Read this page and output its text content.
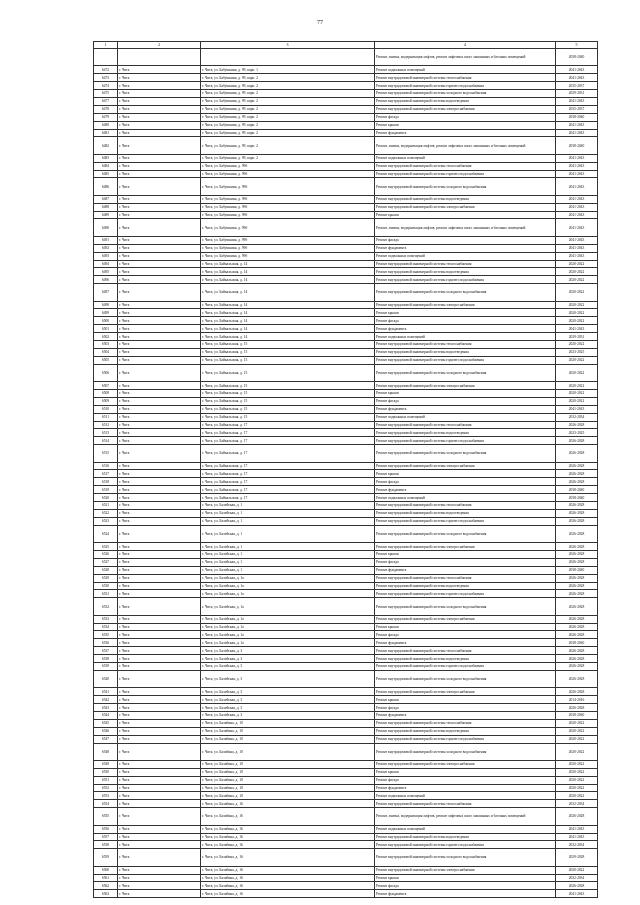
77
1	2	3	4	5
			Ремонт, замена, модернизация лифтов, ремонт лифтовых шахт, машинных и блочных помещений	2038-2040
6472	г. Чита	г. Чита, ул. Бабушкина, д. 99, корп. 1	Ремонт подвальных помещений	2041-2043
6473	г. Чита	г. Чита, ул. Бабушкина, д. 99, корп. 2	Ремонт внутридомовой инженерной системы теплоснабжения	2041-2043
6474	г. Чита	г. Чита, ул. Бабушкина, д. 99, корп. 2	Ремонт внутридомовой инженерной системы горячего водоснабжения	2035-2037
6475	г. Чита	г. Чита, ул. Бабушкина, д. 99, корп. 2	Ремонт внутридомовой инженерной системы холодного водоснабжения	2029-2031
6477	г. Чита	г. Чита, ул. Бабушкина, д. 99, корп. 2	Ремонт внутридомовой инженерной системы водоотведения	2041-2043
6478	г. Чита	г. Чита, ул. Бабушкина, д. 99, корп. 2	Ремонт внутридомовой инженерной системы электроснабжения	2035-2037
6479	г. Чита	г. Чита, ул. Бабушкина, д. 99, корп. 2	Ремонт фасада	2038-2040
6480	г. Чита	г. Чита, ул. Бабушкина, д. 99, корп. 2	Ремонт крыши	2041-2043
6481	г. Чита	г. Чита, ул. Бабушкина, д. 99, корп. 2	Ремонт фундамента	2041-2043
6482	г. Чита	г. Чита, ул. Бабушкина, д. 99, корп. 2	Ремонт, замена, модернизация лифтов, ремонт лифтовых шахт, машинных и блочных помещений	2038-2040
6483	г. Чита	г. Чита, ул. Бабушкина, д. 99, корп. 2	Ремонт подвальных помещений	2041-2043
6484	г. Чита	г. Чита, ул. Бабушкина, д. 99б	Ремонт внутридомовой инженерной системы теплоснабжения	2041-2043
6485	г. Чита	г. Чита, ул. Бабушкина, д. 99б	Ремонт внутридомовой инженерной системы горячего водоснабжения	2041-2043
6486	г. Чита	г. Чита, ул. Бабушкина, д. 99б	Ремонт внутридомовой инженерной системы холодного водоснабжения	2041-2043
6487	г. Чита	г. Чита, ул. Бабушкина, д. 99б	Ремонт внутридомовой инженерной системы водоотведения	2041-2043
6488	г. Чита	г. Чита, ул. Бабушкина, д. 99б	Ремонт внутридомовой инженерной системы электроснабжения	2041-2043
6489	г. Чита	г. Чита, ул. Бабушкина, д. 99б	Ремонт крыши	2041-2043
6490	г. Чита	г. Чита, ул. Бабушкина, д. 99б	Ремонт, замена, модернизация лифтов, ремонт лифтовых шахт, машинных и блочных помещений	2041-2043
6491	г. Чита	г. Чита, ул. Бабушкина, д. 99б	Ремонт фасада	2041-2043
6492	г. Чита	г. Чита, ул. Бабушкина, д. 99б	Ремонт фундамента	2041-2043
6493	г. Чита	г. Чита, ул. Бабушкина, д. 99б	Ремонт подвальных помещений	2041-2043
6494	г. Чита	г. Чита, ул. Байкальская, д. 14	Ремонт внутридомовой инженерной системы теплоснабжения	2020-2022
6495	г. Чита	г. Чита, ул. Байкальская, д. 14	Ремонт внутридомовой инженерной системы водоотведения	2020-2022
6496	г. Чита	г. Чита, ул. Байкальская, д. 14	Ремонт внутридомовой инженерной системы горячего водоснабжения	2020-2022
6497	г. Чита	г. Чита, ул. Байкальская, д. 14	Ремонт внутридомовой инженерной системы холодного водоснабжения	2020-2022
6498	г. Чита	г. Чита, ул. Байкальская, д. 14	Ремонт внутридомовой инженерной системы электроснабжения	2020-2022
6499	г. Чита	г. Чита, ул. Байкальская, д. 14	Ремонт крыши	2020-2022
6500	г. Чита	г. Чита, ул. Байкальская, д. 14	Ремонт фасада	2020-2022
6501	г. Чита	г. Чита, ул. Байкальская, д. 14	Ремонт фундамента	2041-2043
6502	г. Чита	г. Чита, ул. Байкальская, д. 14	Ремонт подвальных помещений	2029-2031
6503	г. Чита	г. Чита, ул. Байкальская, д. 15	Ремонт внутридомовой инженерной системы теплоснабжения	2020-2022
6504	г. Чита	г. Чита, ул. Байкальская, д. 15	Ремонт внутридомовой инженерной системы водоотведения	2023-2025
6505	г. Чита	г. Чита, ул. Байкальская, д. 15	Ремонт внутридомовой инженерной системы горячего водоснабжения	2020-2022
6506	г. Чита	г. Чита, ул. Байкальская, д. 15	Ремонт внутридомовой инженерной системы холодного водоснабжения	2020-2022
6507	г. Чита	г. Чита, ул. Байкальская, д. 15	Ремонт внутридомовой инженерной системы электроснабжения	2020-2022
6508	г. Чита	г. Чита, ул. Байкальская, д. 15	Ремонт крыши	2020-2022
6509	г. Чита	г. Чита, ул. Байкальская, д. 15	Ремонт фасада	2020-2022
6510	г. Чита	г. Чита, ул. Байкальская, д. 15	Ремонт фундамента	2041-2043
6511	г. Чита	г. Чита, ул. Байкальская, д. 15	Ремонт подвальных помещений	2032-2034
6512	г. Чита	г. Чита, ул. Байкальская, д. 17	Ремонт внутридомовой инженерной системы теплоснабжения	2026-2028
6513	г. Чита	г. Чита, ул. Байкальская, д. 17	Ремонт внутридомовой инженерной системы водоотведения	2023-2025
6514	г. Чита	г. Чита, ул. Байкальская, д. 17	Ремонт внутридомовой инженерной системы горячего водоснабжения	2026-2028
6515	г. Чита	г. Чита, ул. Байкальская, д. 17	Ремонт внутридомовой инженерной системы холодного водоснабжения	2026-2028
6516	г. Чита	г. Чита, ул. Байкальская, д. 17	Ремонт внутридомовой инженерной системы электроснабжения	2026-2028
6517	г. Чита	г. Чита, ул. Байкальская, д. 17	Ремонт крыши	2026-2028
6518	г. Чита	г. Чита, ул. Байкальская, д. 17	Ремонт фасада	2026-2028
6519	г. Чита	г. Чита, ул. Байкальская, д. 17	Ремонт фундамента	2038-2040
6520	г. Чита	г. Чита, ул. Байкальская, д. 17	Ремонт подвальных помещений	2038-2040
6521	г. Чита	г. Чита, ул. Балейская, д. 1	Ремонт внутридомовой инженерной системы теплоснабжения	2026-2028
6522	г. Чита	г. Чита, ул. Балейская, д. 1	Ремонт внутридомовой инженерной системы водоотведения	2026-2028
6523	г. Чита	г. Чита, ул. Балейская, д. 1	Ремонт внутридомовой инженерной системы горячего водоснабжения	2026-2028
6524	г. Чита	г. Чита, ул. Балейская, д. 1	Ремонт внутридомовой инженерной системы холодного водоснабжения	2026-2028
6525	г. Чита	г. Чита, ул. Балейская, д. 1	Ремонт внутридомовой инженерной системы электроснабжения	2026-2028
6526	г. Чита	г. Чита, ул. Балейская, д. 1	Ремонт крыши	2026-2028
6527	г. Чита	г. Чита, ул. Балейская, д. 1	Ремонт фасада	2026-2028
6528	г. Чита	г. Чита, ул. Балейская, д. 1	Ремонт фундамента	2038-2040
6529	г. Чита	г. Чита, ул. Балейская, д. 1а	Ремонт внутридомовой инженерной системы теплоснабжения	2026-2028
6530	г. Чита	г. Чита, ул. Балейская, д. 1а	Ремонт внутридомовой инженерной системы водоотведения	2026-2028
6531	г. Чита	г. Чита, ул. Балейская, д. 1а	Ремонт внутридомовой инженерной системы горячего водоснабжения	2026-2028
6532	г. Чита	г. Чита, ул. Балейская, д. 1а	Ремонт внутридомовой инженерной системы холодного водоснабжения	2026-2028
6533	г. Чита	г. Чита, ул. Балейская, д. 1а	Ремонт внутридомовой инженерной системы электроснабжения	2026-2028
6534	г. Чита	г. Чита, ул. Балейская, д. 1а	Ремонт крыши	2026-2028
6535	г. Чита	г. Чита, ул. Балейская, д. 1а	Ремонт фасада	2026-2028
6536	г. Чита	г. Чита, ул. Балейская, д. 1а	Ремонт фундамента	2038-2040
6537	г. Чита	г. Чита, ул. Балейская, д. 3	Ремонт внутридомовой инженерной системы теплоснабжения	2026-2028
6538	г. Чита	г. Чита, ул. Балейская, д. 3	Ремонт внутридомовой инженерной системы водоотведения	2026-2028
6539	г. Чита	г. Чита, ул. Балейская, д. 3	Ремонт внутридомовой инженерной системы горячего водоснабжения	2026-2028
6540	г. Чита	г. Чита, ул. Балейская, д. 3	Ремонт внутридомовой инженерной системы холодного водоснабжения	2026-2028
6541	г. Чита	г. Чита, ул. Балейская, д. 3	Ремонт внутридомовой инженерной системы электроснабжения	2026-2028
6542	г. Чита	г. Чита, ул. Балейская, д. 3	Ремонт крыши	2014-2016
6543	г. Чита	г. Чита, ул. Балейская, д. 3	Ремонт фасада	2026-2028
6544	г. Чита	г. Чита, ул. Балейская, д. 3	Ремонт фундамента	2038-2040
6545	г. Чита	г. Чита, ул. Балябина, д. 10	Ремонт внутридомовой инженерной системы теплоснабжения	2020-2022
6546	г. Чита	г. Чита, ул. Балябина, д. 10	Ремонт внутридомовой инженерной системы водоотведения	2020-2022
6547	г. Чита	г. Чита, ул. Балябина, д. 10	Ремонт внутридомовой инженерной системы горячего водоснабжения	2020-2022
6548	г. Чита	г. Чита, ул. Балябина, д. 10	Ремонт внутридомовой инженерной системы холодного водоснабжения	2020-2022
6549	г. Чита	г. Чита, ул. Балябина, д. 10	Ремонт внутридомовой инженерной системы электроснабжения	2020-2022
6550	г. Чита	г. Чита, ул. Балябина, д. 10	Ремонт крыши	2020-2022
6551	г. Чита	г. Чита, ул. Балябина, д. 10	Ремонт фасада	2020-2022
6552	г. Чита	г. Чита, ул. Балябина, д. 10	Ремонт фундамента	2020-2022
6553	г. Чита	г. Чита, ул. Балябина, д. 10	Ремонт подвальных помещений	2020-2022
6554	г. Чита	г. Чита, ул. Балябина, д. 16	Ремонт внутридомовой инженерной системы теплоснабжения	2032-2034
6555	г. Чита	г. Чита, ул. Балябина, д. 16	Ремонт, замена, модернизация лифтов, ремонт лифтовых шахт, машинных и блочных помещений	2026-2028
6556	г. Чита	г. Чита, ул. Балябина, д. 16	Ремонт подвальных помещений	2041-2043
6557	г. Чита	г. Чита, ул. Балябина, д. 16	Ремонт внутридомовой инженерной системы водоотведения	2041-2043
6558	г. Чита	г. Чита, ул. Балябина, д. 16	Ремонт внутридомовой инженерной системы горячего водоснабжения	2032-2034
6559	г. Чита	г. Чита, ул. Балябина, д. 16	Ремонт внутридомовой инженерной системы холодного водоснабжения	2029-2028
6560	г. Чита	г. Чита, ул. Балябина, д. 16	Ремонт внутридомовой инженерной системы электроснабжения	2020-2022
6561	г. Чита	г. Чита, ул. Балябина, д. 16	Ремонт крыши	2032-2034
6562	г. Чита	г. Чита, ул. Балябина, д. 16	Ремонт фасада	2026-2028
6563	г. Чита	г. Чита, ул. Балябина, д. 16	Ремонт фундамента	2041-2043
